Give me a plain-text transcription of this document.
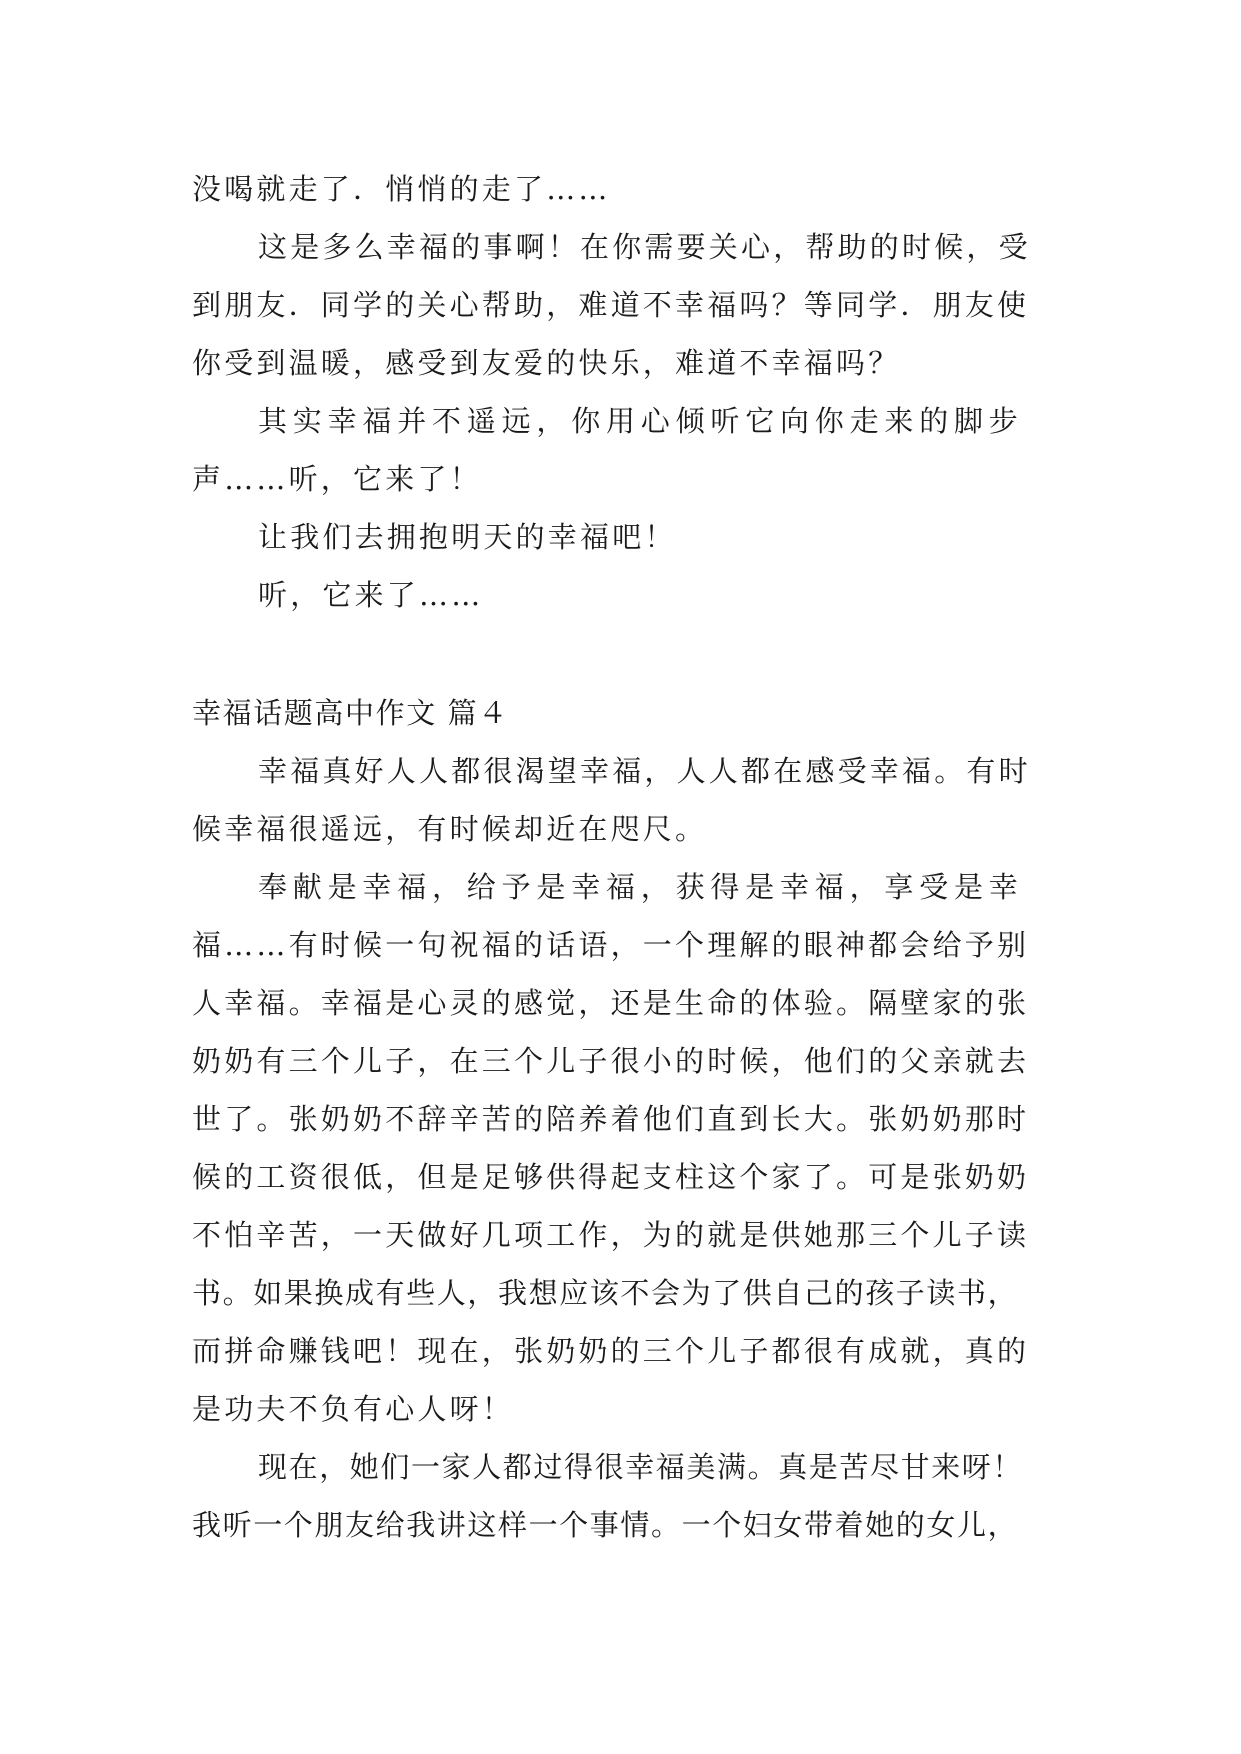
没喝就走了．悄悄的走了……
这是多么幸福的事啊！在你需要关心，帮助的时候，受
到朋友．同学的关心帮助，难道不幸福吗？等同学．朋友使
你受到温暖，感受到友爱的快乐，难道不幸福吗？
其实幸福并不遥远，你用心倾听它向你走来的脚步
声……听，它来了！
让我们去拥抱明天的幸福吧！
听，它来了……
幸福话题高中作文 篇４
幸福真好人人都很渴望幸福，人人都在感受幸福。有时
候幸福很遥远，有时候却近在咫尺。
奉献是幸福，给予是幸福，获得是幸福，享受是幸
福……有时候一句祝福的话语，一个理解的眼神都会给予别
人幸福。幸福是心灵的感觉，还是生命的体验。隔壁家的张
奶奶有三个儿子，在三个儿子很小的时候，他们的父亲就去
世了。张奶奶不辞辛苦的陪养着他们直到长大。张奶奶那时
候的工资很低，但是足够供得起支柱这个家了。可是张奶奶
不怕辛苦，一天做好几项工作，为的就是供她那三个儿子读
书。如果换成有些人，我想应该不会为了供自己的孩子读书，
而拼命赚钱吧！现在，张奶奶的三个儿子都很有成就，真的
是功夫不负有心人呀！
现在，她们一家人都过得很幸福美满。真是苦尽甘来呀！
我听一个朋友给我讲这样一个事情。一个妇女带着她的女儿，
